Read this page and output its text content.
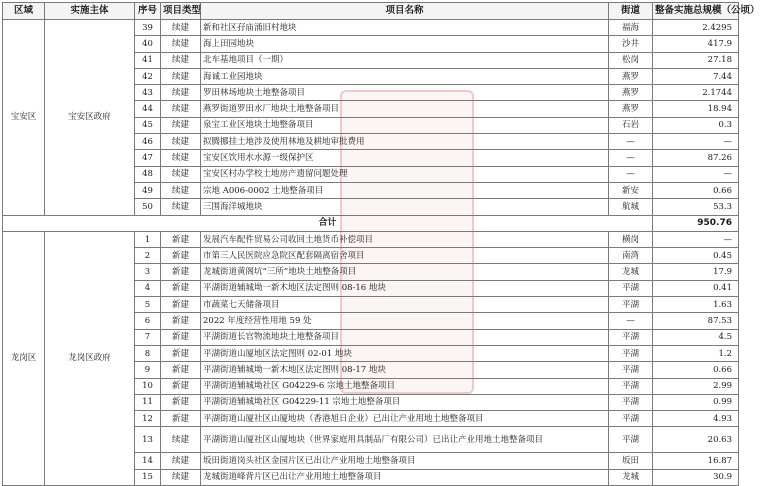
区域	实施主体	序号	项目类型	项目名称	街道	整备实施总规模（公顷）
宝安区	宝安区政府	39	续建	新和社区孖庙涌旧村地块	福海	2.4295
		40	续建	海上田园地块	沙井	417.9
		41	续建	北车基地项目（一期）	松岗	27.18
		42	续建	海诚工业园地块	燕罗	7.44
		43	续建	罗田林场地块土地整备项目	燕罗	2.1744
		44	续建	燕罗街道罗田水厂地块土地整备项目	燕罗	18.94
		45	续建	泉宝工业区地块土地整备项目	石岩	0.3
		46	续建	拟腾挪挂土地涉及使用林地及耕地审批费用	—	—
		47	续建	宝安区饮用水水源一级保护区	—	87.26
		48	续建	宝安区村办学校土地房产遗留问题处理	—	—
		49	续建	宗地 A006-0002 土地整备项目	新安	0.66
		50	续建	三围海洋城地块	航城	53.3
合计						950.76
龙岗区	龙岗区政府	1	新建	发展汽车配件贸易公司收回土地货币补偿项目	横岗	—
		2	新建	市第三人民医院应急院区配套隔离宿舍项目	南湾	0.45
		3	新建	龙城街道黄阁坑“三所”地块土地整备项目	龙城	17.9
		4	新建	平湖街道辅城坳一新木地区法定图则 08-16 地块	平湖	0.41
		5	新建	市蔬菜七天储备项目	平湖	1.63
		6	新建	2022 年度经营性用地 59 处	—	87.53
		7	新建	平湖街道长官物流地块土地整备项目	平湖	4.5
		8	新建	平湖街道山厦地区法定图则 02-01 地块	平湖	1.2
		9	新建	平湖街道辅城坳一新木地区法定图则 08-17 地块	平湖	0.66
		10	新建	平湖街道辅城坳社区 G04229-6 宗地土地整备项目	平湖	2.99
		11	新建	平湖街道辅城坳社区 G04229-11 宗地土地整备项目	平湖	0.99
		12	新建	平湖街道山厦社区山厦地块（香港旭日企业）已出让产业用地土地整备项目	平湖	4.93
		13	续建	平湖街道山厦社区山厦地块（世界家庭用具制品厂有限公司）已出让产业用地土地整备项目	平湖	20.63
		14	续建	坂田街道岗头社区金园片区已出让产业用地土地整备项目	坂田	16.87
		15	续建	龙城街道峰背片区已出让产业用地土地整备项目	龙城	30.9
